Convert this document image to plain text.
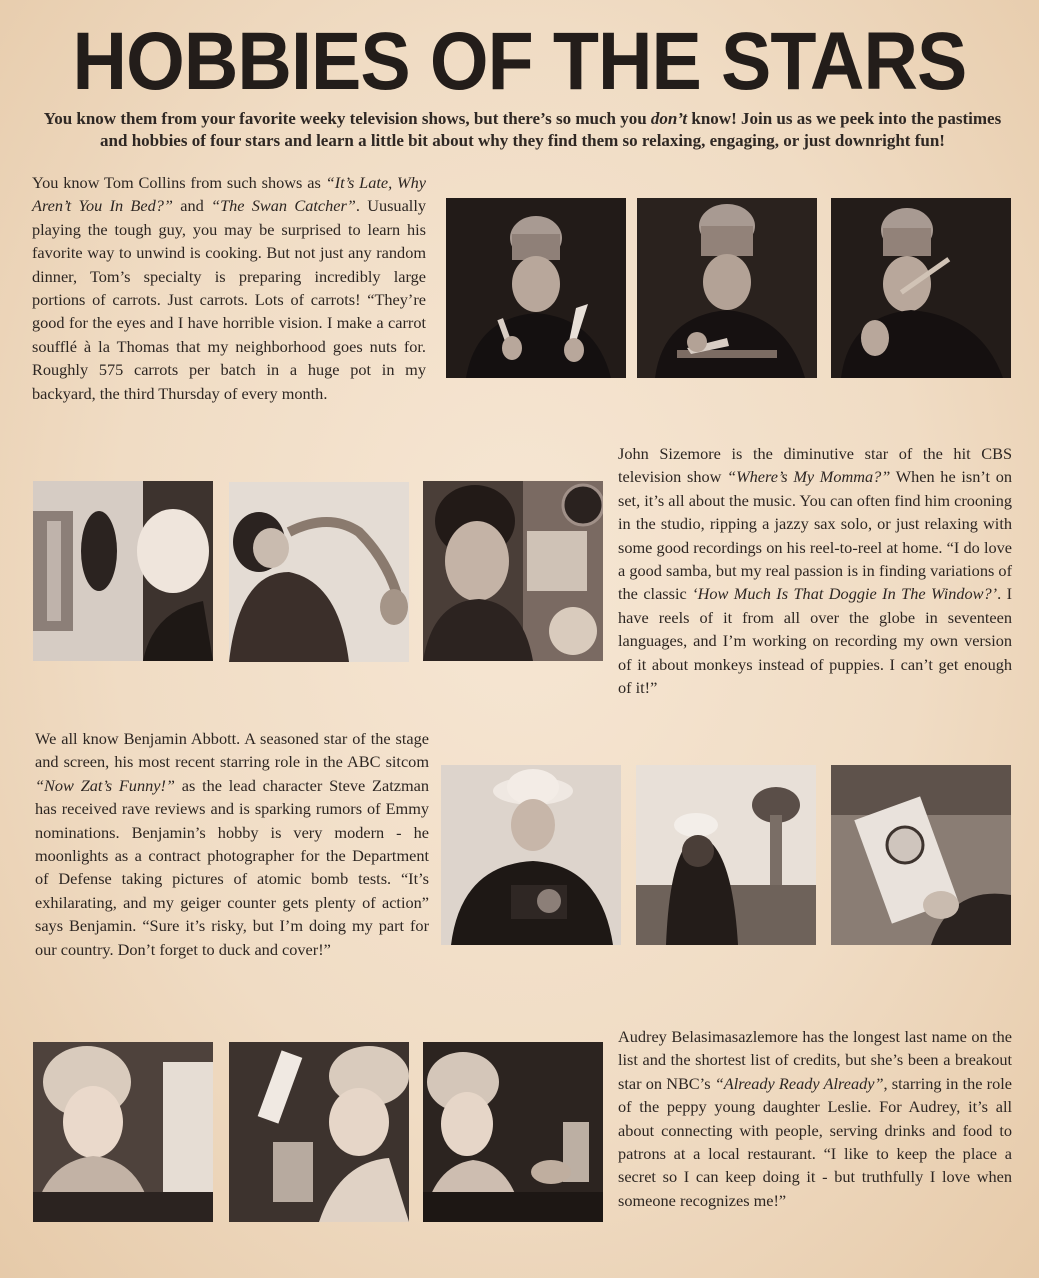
HOBBIES OF THE STARS
You know them from your favorite weeky television shows, but there’s so much you don’t know! Join us as we peek into the pastimes and hobbies of four stars and learn a little bit about why they find them so relaxing, engaging, or just downright fun!
You know Tom Collins from such shows as “It’s Late, Why Aren’t You In Bed?” and “The Swan Catcher”. Uusually playing the tough guy, you may be surprised to learn his favorite way to unwind is cooking. But not just any random dinner, Tom’s specialty is preparing incredibly large portions of carrots. Just carrots. Lots of carrots! “They’re good for the eyes and I have horrible vision. I make a carrot soufflé à la Thomas that my neighborhood goes nuts for. Roughly 575 carrots per batch in a huge pot in my backyard, the third Thursday of every month.
John Sizemore is the diminutive star of the hit CBS television show “Where’s My Momma?” When he isn’t on set, it’s all about the music. You can often find him crooning in the studio, ripping a jazzy sax solo, or just relaxing with some good recordings on his reel-to-reel at home. “I do love a good samba, but my real passion is in finding variations of the classic ‘How Much Is That Doggie In The Window?’. I have reels of it from all over the globe in seventeen languages, and I’m working on recording my own version of it about monkeys instead of puppies. I can’t get enough of it!”
We all know Benjamin Abbott. A seasoned star of the stage and screen, his most recent starring role in the ABC sitcom “Now Zat’s Funny!” as the lead character Steve Zatzman has received rave reviews and is sparking rumors of Emmy nominations. Benjamin’s hobby is very modern - he moonlights as a contract photographer for the Department of Defense taking pictures of atomic bomb tests. “It’s exhilarating, and my geiger counter gets plenty of action” says Benjamin. “Sure it’s risky, but I’m doing my part for our country. Don’t forget to duck and cover!”
Audrey Belasimasazlemore has the longest last name on the list and the shortest list of credits, but she’s been a breakout star on NBC’s “Already Ready Already”, starring in the role of the peppy young daughter Leslie. For Audrey, it’s all about connecting with people, serving drinks and food to patrons at a local restaurant. “I like to keep the place a secret so I can keep doing it - but truthfully I love when someone recognizes me!”
